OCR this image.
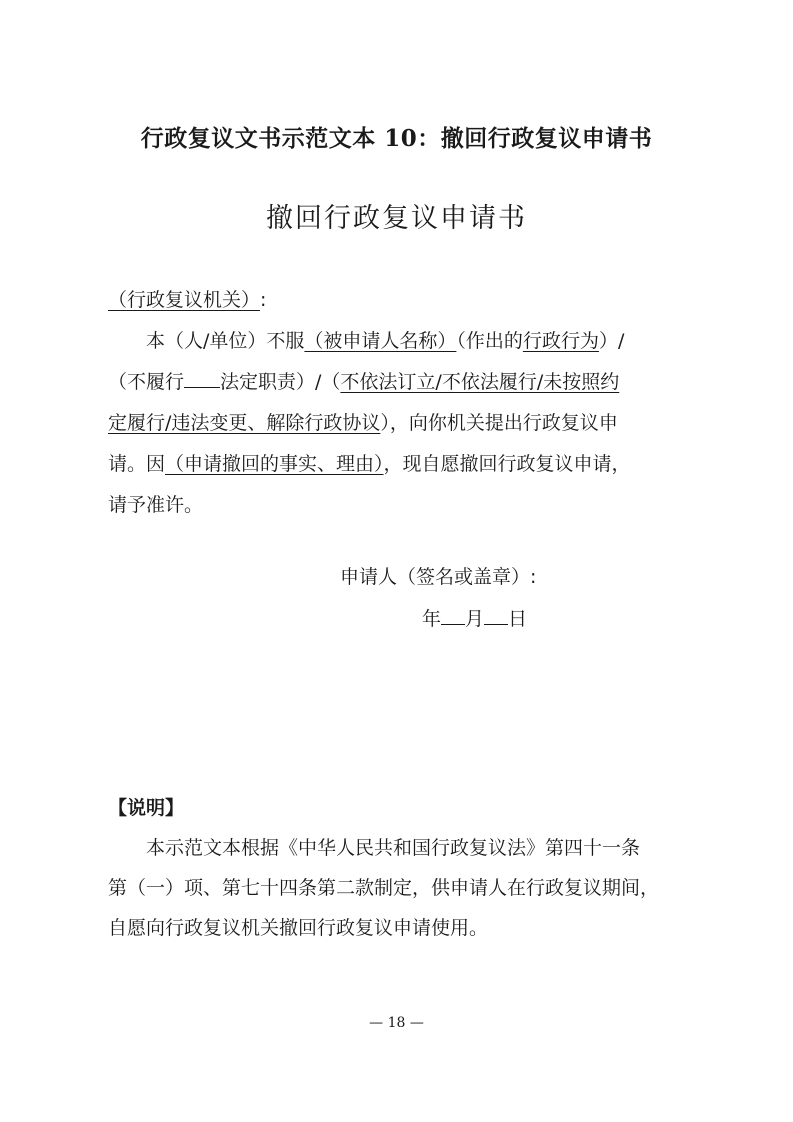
行政复议文书示范文本 10：撤回行政复议申请书
撤回行政复议申请书
（行政复议机关）:
本（人/单位）不服（被申请人名称）（作出的行政行为）/
（不履行 法定职责）/（不依法订立/不依法履行/未按照约
定履行/违法变更、解除行政协议），向你机关提出行政复议申
请。因（申请撤回的事实、理由），现自愿撤回行政复议申请，
请予准许。
申请人（签名或盖章）:
年 月 日
【说明】
本示范文本根据《中华人民共和国行政复议法》第四十一条
第（一）项、第七十四条第二款制定，供申请人在行政复议期间，
自愿向行政复议机关撤回行政复议申请使用。
— 18 —
